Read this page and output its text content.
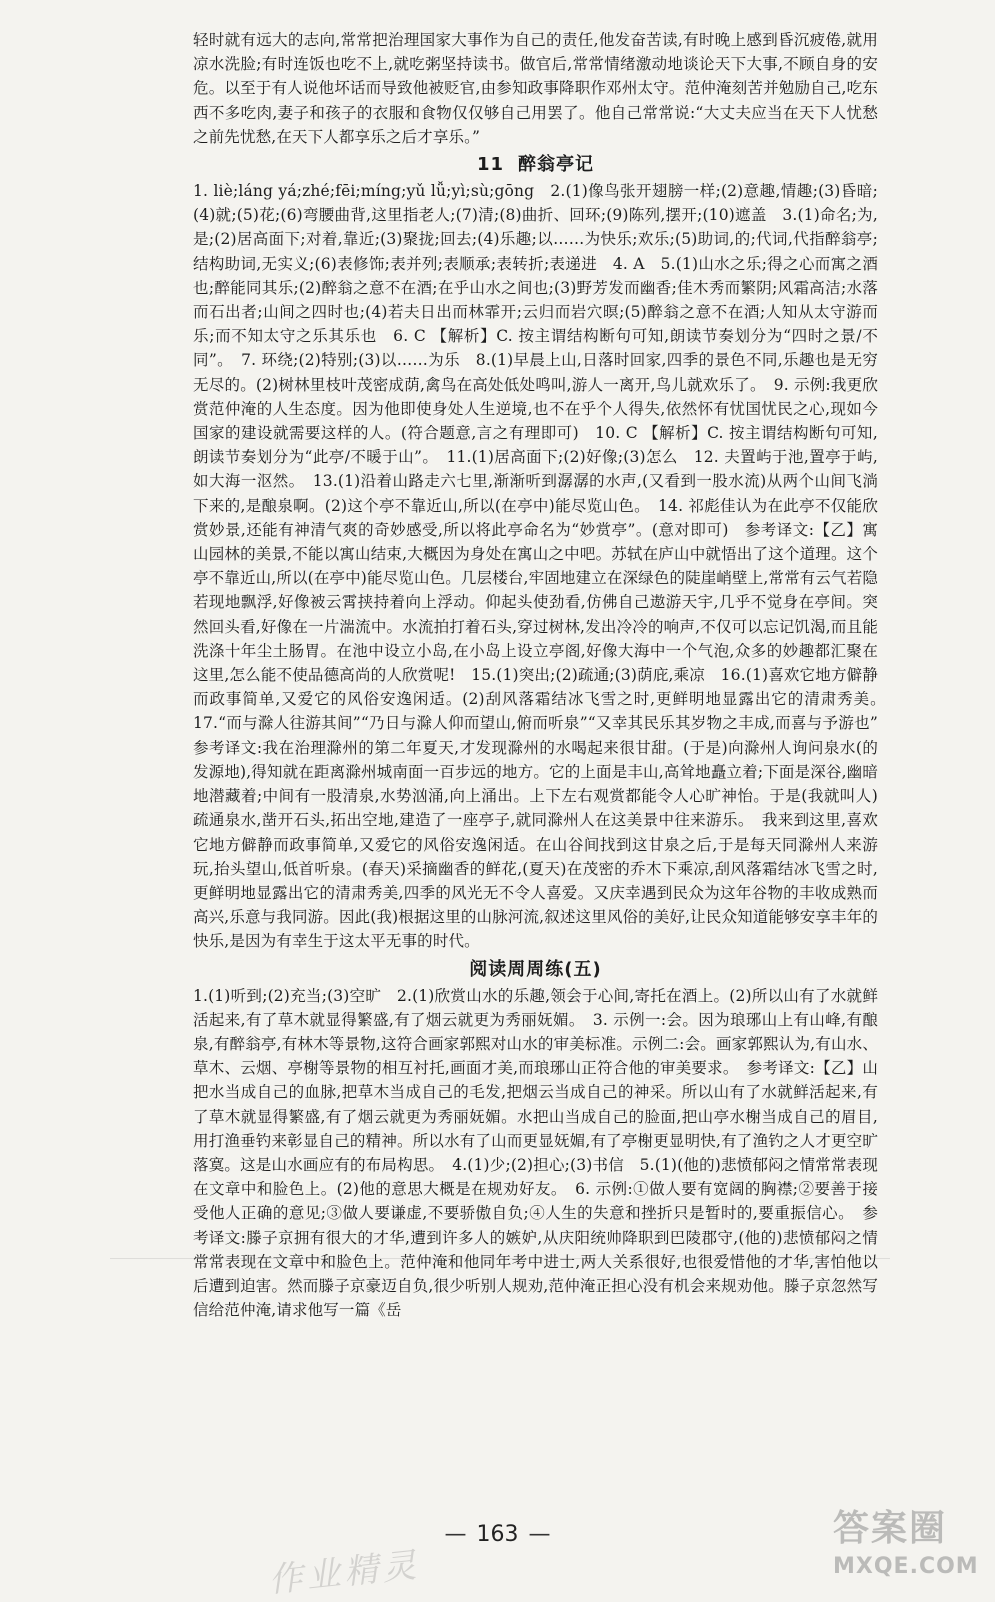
轻时就有远大的志向,常常把治理国家大事作为自己的责任,他发奋苦读,有时晚上感到昏沉疲倦,就用凉水洗脸;有时连饭也吃不上,就吃粥坚持读书。做官后,常常情绪激动地谈论天下大事,不顾自身的安危。以至于有人说他坏话而导致他被贬官,由参知政事降职作邓州太守。范仲淹刻苦并勉励自己,吃东西不多吃肉,妻子和孩子的衣服和食物仅仅够自己用罢了。他自己常常说:“大丈夫应当在天下人忧愁之前先忧愁,在天下人都享乐之后才享乐。”

11 醉翁亭记

1. liè;láng yá;zhé;fēi;míng;yǔ lǚ;yì;sù;gōng　2.(1)像鸟张开翅膀一样;(2)意趣,情趣;(3)昏暗;(4)就;(5)花;(6)弯腰曲背,这里指老人;(7)清;(8)曲折、回环;(9)陈列,摆开;(10)遮盖　3.(1)命名;为,是;(2)居高面下;对着,靠近;(3)聚拢;回去;(4)乐趣;以……为快乐;欢乐;(5)助词,的;代词,代指醉翁亭;结构助词,无实义;(6)表修饰;表并列;表顺承;表转折;表递进　4. A　5.(1)山水之乐;得之心而寓之酒也;醉能同其乐;(2)醉翁之意不在酒;在乎山水之间也;(3)野芳发而幽香;佳木秀而繁阴;风霜高洁;水落而石出者;山间之四时也;(4)若夫日出而林霏开;云归而岩穴暝;(5)醉翁之意不在酒;人知从太守游而乐;而不知太守之乐其乐也　6. C 【解析】C. 按主谓结构断句可知,朗读节奏划分为“四时之景/不同”。　7. 环绕;(2)特别;(3)以……为乐　8.(1)早晨上山,日落时回家,四季的景色不同,乐趣也是无穷无尽的。(2)树林里枝叶茂密成荫,禽鸟在高处低处鸣叫,游人一离开,鸟儿就欢乐了。　9. 示例:我更欣赏范仲淹的人生态度。因为他即使身处人生逆境,也不在乎个人得失,依然怀有忧国忧民之心,现如今国家的建设就需要这样的人。(符合题意,言之有理即可)　10. C 【解析】C. 按主谓结构断句可知,朗读节奏划分为“此亭/不暖于山”。　11.(1)居高面下;(2)好像;(3)怎么　12. 夫置屿于池,置亭于屿,如大海一沤然。　13.(1)沿着山路走六七里,渐渐听到潺潺的水声,(又看到一股水流)从两个山间飞淌下来的,是酿泉啊。(2)这个亭不靠近山,所以(在亭中)能尽览山色。　14. 祁彪佳认为在此亭不仅能欣赏妙景,还能有神清气爽的奇妙感受,所以将此亭命名为“妙赏亭”。(意对即可)　参考译文:【乙】寓山园林的美景,不能以寓山结束,大概因为身处在寓山之中吧。苏轼在庐山中就悟出了这个道理。这个亭不靠近山,所以(在亭中)能尽览山色。几层楼台,牢固地建立在深绿色的陡崖峭壁上,常常有云气若隐若现地飘浮,好像被云霄挟持着向上浮动。仰起头使劲看,仿佛自己遨游天宇,几乎不觉身在亭间。突然回头看,好像在一片湍流中。水流拍打着石头,穿过树林,发出冷冷的响声,不仅可以忘记饥渴,而且能洗涤十年尘土肠胃。在池中设立小岛,在小岛上设立亭阁,好像大海中一个气泡,众多的妙趣都汇聚在这里,怎么能不使品德高尚的人欣赏呢!　15.(1)突出;(2)疏通;(3)荫庇,乘凉　16.(1)喜欢它地方僻静而政事简单,又爱它的风俗安逸闲适。(2)刮风落霜结冰飞雪之时,更鲜明地显露出它的清肃秀美。　17.“而与滁人往游其间”“乃日与滁人仰而望山,俯而听泉”“又幸其民乐其岁物之丰成,而喜与予游也”　参考译文:我在治理滁州的第二年夏天,才发现滁州的水喝起来很甘甜。(于是)向滁州人询问泉水(的发源地),得知就在距离滁州城南面一百步远的地方。它的上面是丰山,高耸地矗立着;下面是深谷,幽暗地潜藏着;中间有一股清泉,水势汹涌,向上涌出。上下左右观赏都能令人心旷神怡。于是(我就叫人)疏通泉水,凿开石头,拓出空地,建造了一座亭子,就同滁州人在这美景中往来游乐。　我来到这里,喜欢它地方僻静而政事简单,又爱它的风俗安逸闲适。在山谷间找到这甘泉之后,于是每天同滁州人来游玩,抬头望山,低首听泉。(春天)采摘幽香的鲜花,(夏天)在茂密的乔木下乘凉,刮风落霜结冰飞雪之时,更鲜明地显露出它的清肃秀美,四季的风光无不令人喜爱。又庆幸遇到民众为这年谷物的丰收成熟而高兴,乐意与我同游。因此(我)根据这里的山脉河流,叙述这里风俗的美好,让民众知道能够安享丰年的快乐,是因为有幸生于这太平无事的时代。

阅读周周练(五)

1.(1)听到;(2)充当;(3)空旷　2.(1)欣赏山水的乐趣,领会于心间,寄托在酒上。(2)所以山有了水就鲜活起来,有了草木就显得繁盛,有了烟云就更为秀丽妩媚。　3. 示例一:会。因为琅琊山上有山峰,有酿泉,有醉翁亭,有林木等景物,这符合画家郭熙对山水的审美标准。示例二:会。画家郭熙认为,有山水、草木、云烟、亭榭等景物的相互衬托,画面才美,而琅琊山正符合他的审美要求。　参考译文:【乙】山把水当成自己的血脉,把草木当成自己的毛发,把烟云当成自己的神采。所以山有了水就鲜活起来,有了草木就显得繁盛,有了烟云就更为秀丽妩媚。水把山当成自己的脸面,把山亭水榭当成自己的眉目,用打渔垂钓来彰显自己的精神。所以水有了山而更显妩媚,有了亭榭更显明快,有了渔钓之人才更空旷落寞。这是山水画应有的布局构思。　4.(1)少;(2)担心;(3)书信　5.(1)(他的)悲愤郁闷之情常常表现在文章中和脸色上。(2)他的意思大概是在规劝好友。　6. 示例:①做人要有宽阔的胸襟;②要善于接受他人正确的意见;③做人要谦虚,不要骄傲自负;④人生的失意和挫折只是暂时的,要重振信心。　参考译文:滕子京拥有很大的才华,遭到许多人的嫉妒,从庆阳统帅降职到巴陵郡守,(他的)悲愤郁闷之情常常表现在文章中和脸色上。范仲淹和他同年考中进士,两人关系很好,也很爱惜他的才华,害怕他以后遭到迫害。然而滕子京豪迈自负,很少听别人规劝,范仲淹正担心没有机会来规劝他。滕子京忽然写信给范仲淹,请求他写一篇《岳

— 163 —
作业精灵
答案圈
MXQE.COM
